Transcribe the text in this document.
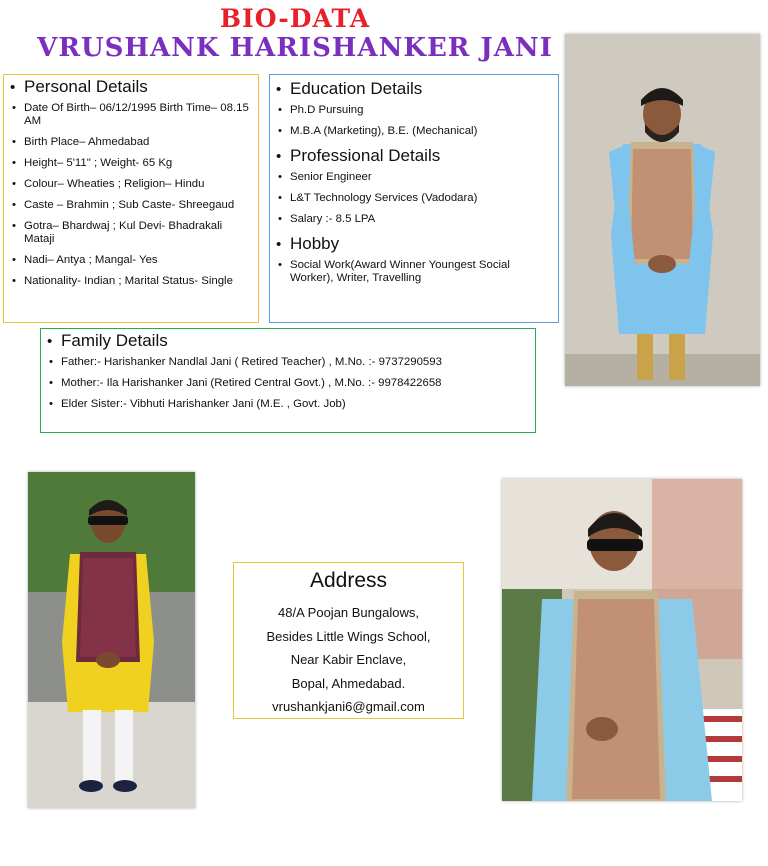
BIO-DATA
VRUSHANK HARISHANKER JANI
• Personal Details
• Date Of Birth– 06/12/1995 Birth Time– 08.15 AM
• Birth Place– Ahmedabad
• Height– 5'11" ; Weight- 65 Kg
• Colour– Wheaties ; Religion– Hindu
• Caste – Brahmin ; Sub Caste- Shreegaud
• Gotra– Bhardwaj ; Kul Devi- Bhadrakali Mataji
• Nadi– Antya ; Mangal- Yes
• Nationality- Indian ; Marital Status- Single
• Education Details
• Ph.D Pursuing
• M.B.A (Marketing), B.E. (Mechanical)
• Professional Details
• Senior Engineer
• L&T Technology Services (Vadodara)
• Salary :- 8.5 LPA
• Hobby
• Social Work(Award Winner Youngest Social Worker), Writer, Travelling
• Family Details
• Father:- Harishanker Nandlal Jani ( Retired Teacher) , M.No. :- 9737290593
• Mother:- Ila Harishanker Jani (Retired Central Govt.) , M.No. :- 9978422658
• Elder Sister:- Vibhuti Harishanker Jani (M.E. , Govt. Job)
Address
48/A Poojan Bungalows,
Besides Little Wings School,
Near Kabir Enclave,
Bopal, Ahmedabad.
vrushankjani6@gmail.com
